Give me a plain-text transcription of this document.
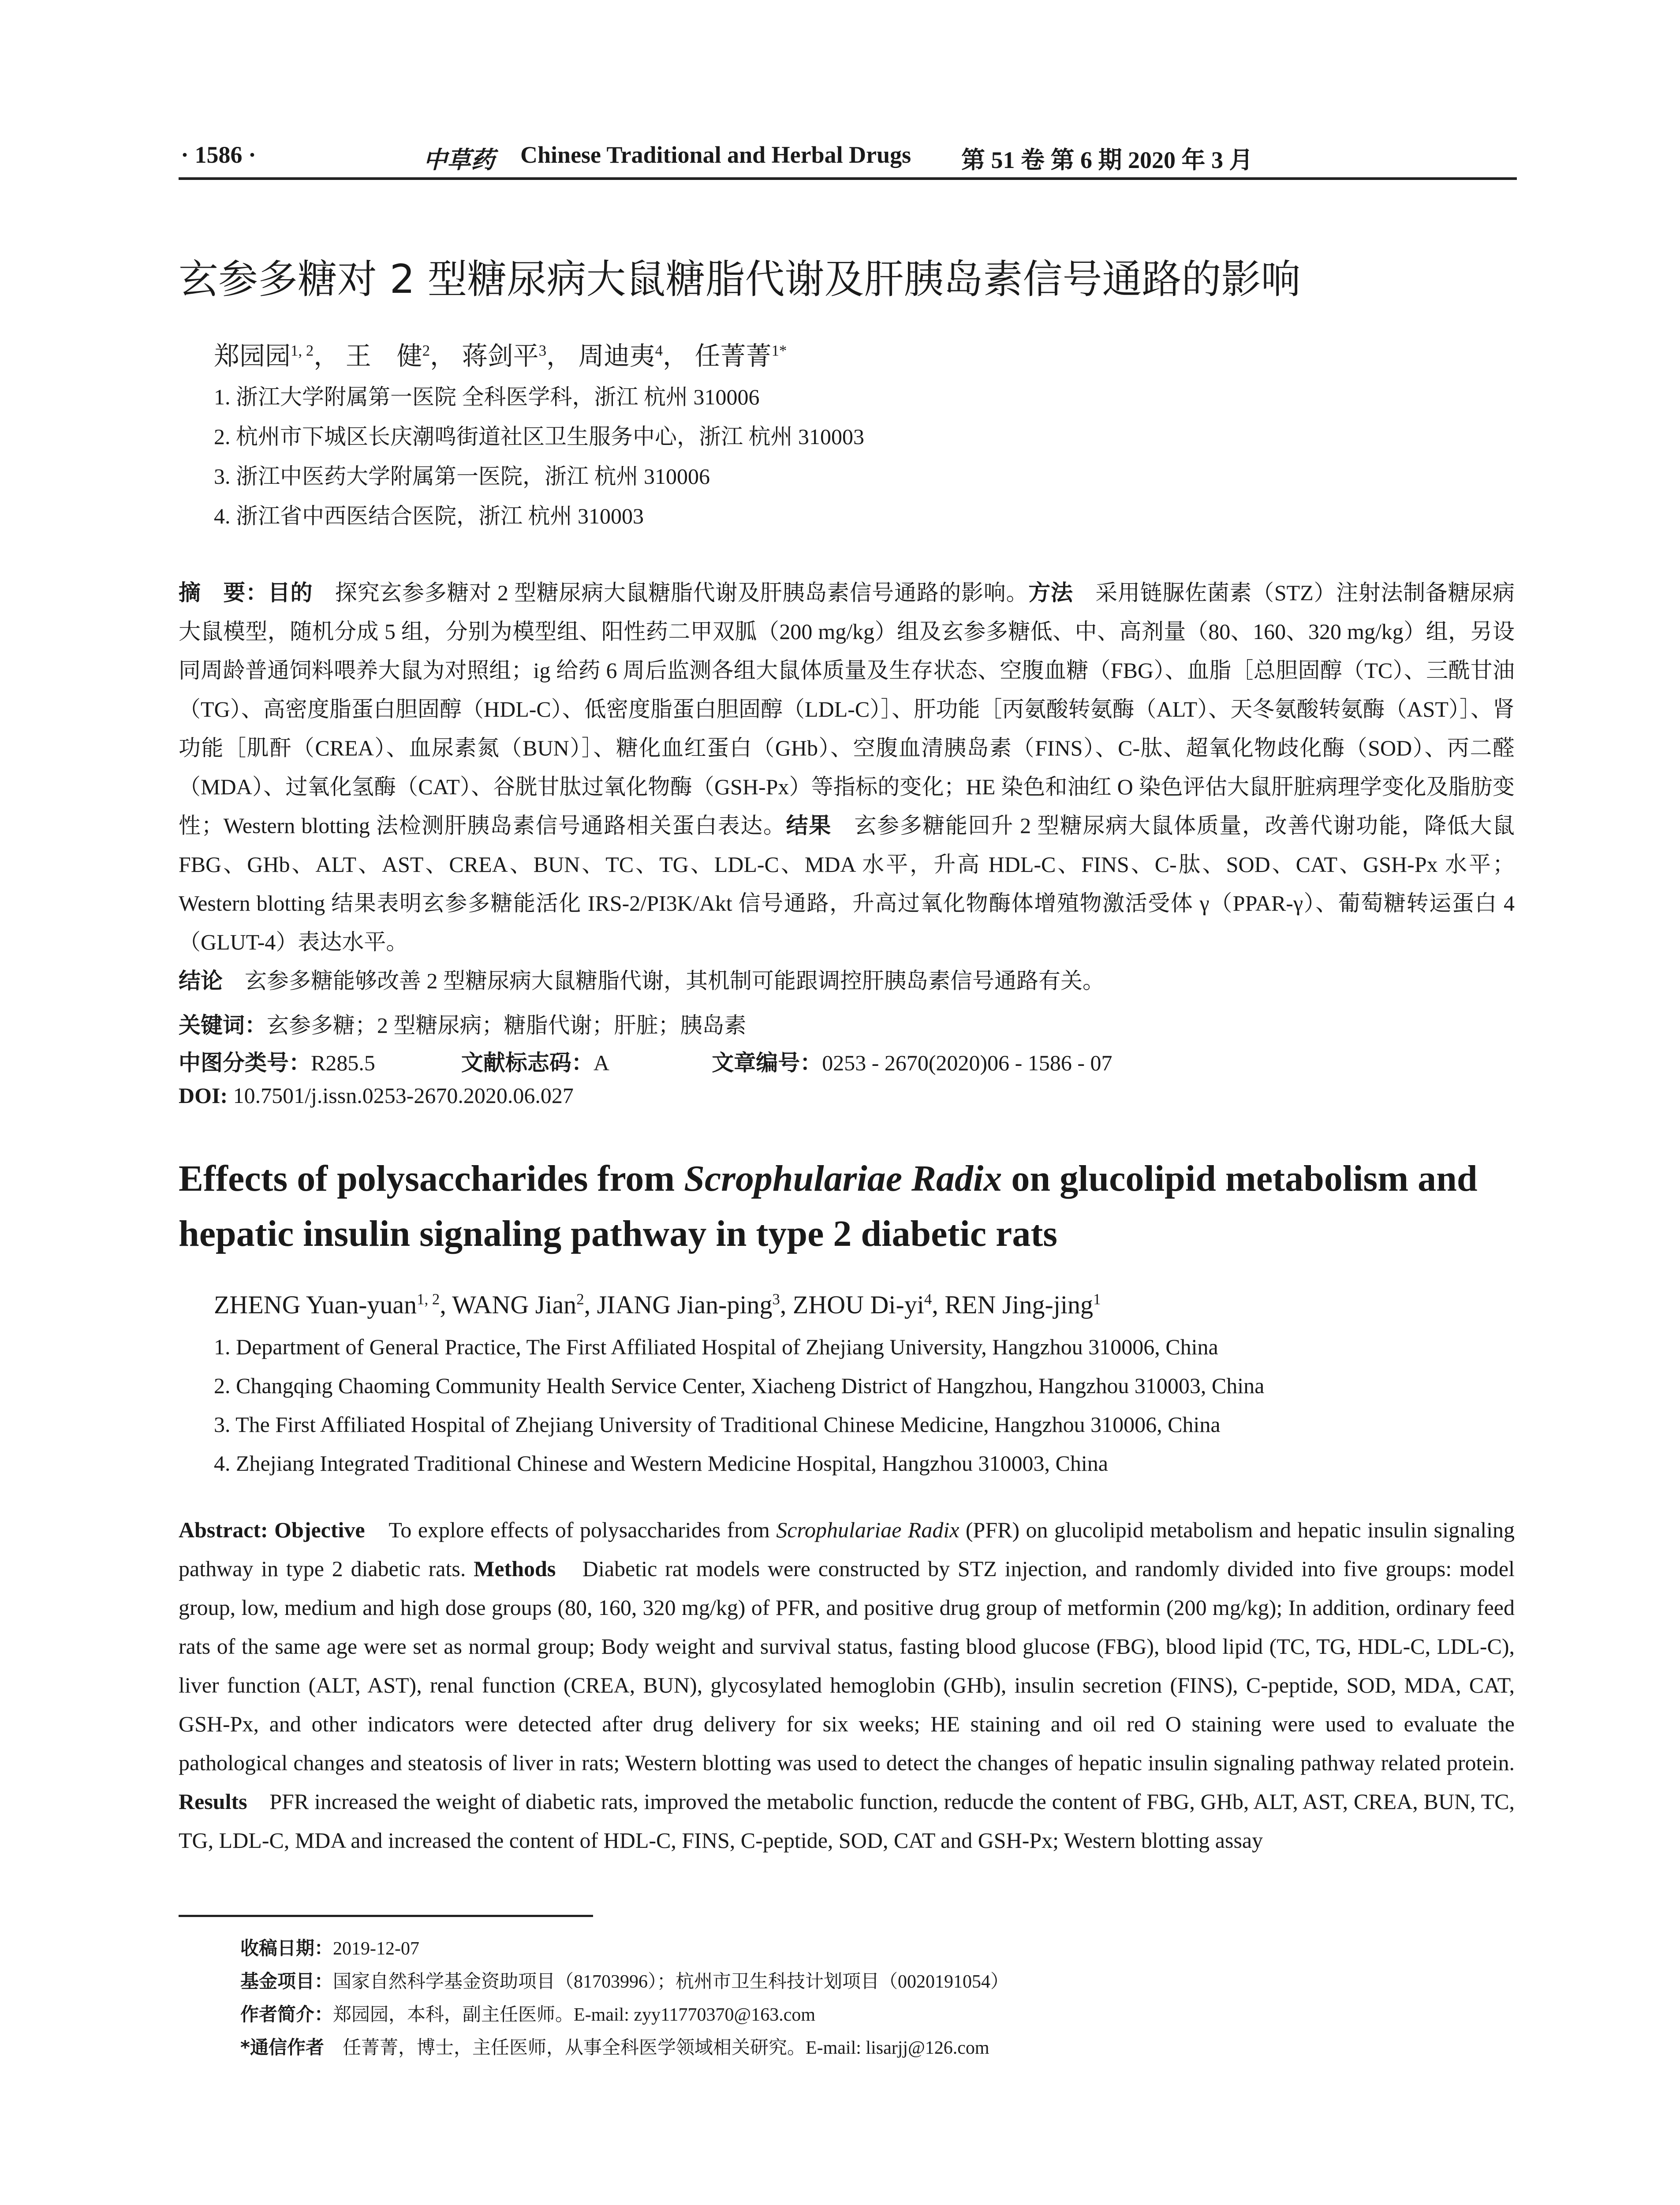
· 1586 ·	中草药 Chinese Traditional and Herbal Drugs 第 51 卷 第 6 期 2020 年 3 月
玄参多糖对 2 型糖尿病大鼠糖脂代谢及肝胰岛素信号通路的影响
郑园园$^{1, 2}$， 王　健$^2$， 蒋剑平$^3$， 周迪夷$^4$， 任菁菁$^{1*}$
1. 浙江大学附属第一医院 全科医学科，浙江 杭州 310006
2. 杭州市下城区长庆潮鸣街道社区卫生服务中心，浙江 杭州 310003
3. 浙江中医药大学附属第一医院，浙江 杭州 310006
4. 浙江省中西医结合医院，浙江 杭州 310003
摘　要：目的　探究玄参多糖对 2 型糖尿病大鼠糖脂代谢及肝胰岛素信号通路的影响。方法　采用链脲佐菌素（STZ）注射法制备糖尿病大鼠模型，随机分成 5 组，分别为模型组、阳性药二甲双胍（200 mg/kg）组及玄参多糖低、中、高剂量（80、160、320 mg/kg）组，另设同周龄普通饲料喂养大鼠为对照组；ig 给药 6 周后监测各组大鼠体质量及生存状态、空腹血糖（FBG）、血脂［总胆固醇（TC）、三酰甘油（TG）、高密度脂蛋白胆固醇（HDL-C）、低密度脂蛋白胆固醇（LDL-C）］、肝功能［丙氨酸转氨酶（ALT）、天冬氨酸转氨酶（AST）］、肾功能［肌酐（CREA）、血尿素氮（BUN）］、糖化血红蛋白（GHb）、空腹血清胰岛素（FINS）、C-肽、超氧化物歧化酶（SOD）、丙二醛（MDA）、过氧化氢酶（CAT）、谷胱甘肽过氧化物酶（GSH-Px）等指标的变化；HE 染色和油红 O 染色评估大鼠肝脏病理学变化及脂肪变性；Western blotting 法检测肝胰岛素信号通路相关蛋白表达。结果　玄参多糖能回升 2 型糖尿病大鼠体质量，改善代谢功能，降低大鼠 FBG、GHb、ALT、AST、CREA、BUN、TC、TG、LDL-C、MDA 水平，升高 HDL-C、FINS、C-肽、SOD、CAT、GSH-Px 水平；Western blotting 结果表明玄参多糖能活化 IRS-2/PI3K/Akt 信号通路，升高过氧化物酶体增殖物激活受体 γ（PPAR-γ）、葡萄糖转运蛋白 4（GLUT-4）表达水平。
结论　玄参多糖能够改善 2 型糖尿病大鼠糖脂代谢，其机制可能跟调控肝胰岛素信号通路有关。
关键词：玄参多糖；2 型糖尿病；糖脂代谢；肝脏；胰岛素
中图分类号：R285.5	文献标志码：A	文章编号：0253 - 2670(2020)06 - 1586 - 07
DOI: 10.7501/j.issn.0253-2670.2020.06.027
Effects of polysaccharides from Scrophulariae Radix on glucolipid metabolism and hepatic insulin signaling pathway in type 2 diabetic rats
ZHENG Yuan-yuan$^{1, 2}$, WANG Jian$^2$, JIANG Jian-ping$^3$, ZHOU $Di-yi^4$, REN Jing-jing$^1$
1. Department of General Practice, The First Affiliated Hospital of Zhejiang University, Hangzhou 310006, China
2. Changqing Chaoming Community Health Service Center, Xiacheng District of Hangzhou, Hangzhou 310003, China
3. The First Affiliated Hospital of Zhejiang University of Traditional Chinese Medicine, Hangzhou 310006, China
4. Zhejiang Integrated Traditional Chinese and Western Medicine Hospital, Hangzhou 310003, China
Abstract: Objective　To explore effects of polysaccharides from Scrophulariae Radix (PFR) on glucolipid metabolism and hepatic insulin signaling pathway in type 2 diabetic rats. Methods　Diabetic rat models were constructed by STZ injection, and randomly divided into five groups: model group, low, medium and high dose groups (80, 160, 320 mg/kg) of PFR, and positive drug group of metformin (200 mg/kg); In addition, ordinary feed rats of the same age were set as normal group; Body weight and survival status, fasting blood glucose (FBG), blood lipid (TC, TG, HDL-C, LDL-C), liver function (ALT, AST), renal function (CREA, BUN), glycosylated hemoglobin (GHb), insulin secretion (FINS), C-peptide, SOD, MDA, CAT, GSH-Px, and other indicators were detected after drug delivery for six weeks; HE staining and oil red O staining were used to evaluate the pathological changes and steatosis of liver in rats; Western blotting was used to detect the changes of hepatic insulin signaling pathway related protein. Results　PFR increased the weight of diabetic rats, improved the metabolic function, reducde the content of FBG, GHb, ALT, AST, CREA, BUN, TC, TG, LDL-C, MDA and increased the content of HDL-C, FINS, C-peptide, SOD, CAT and GSH-Px; Western blotting assay
收稿日期：2019-12-07
基金项目：国家自然科学基金资助项目（81703996）；杭州市卫生科技计划项目（0020191054）
作者简介：郑园园，本科，副主任医师。E-mail: zyy11770370@163.com
*通信作者　任菁菁，博士，主任医师，从事全科医学领域相关研究。E-mail: lisarjj@126.com
